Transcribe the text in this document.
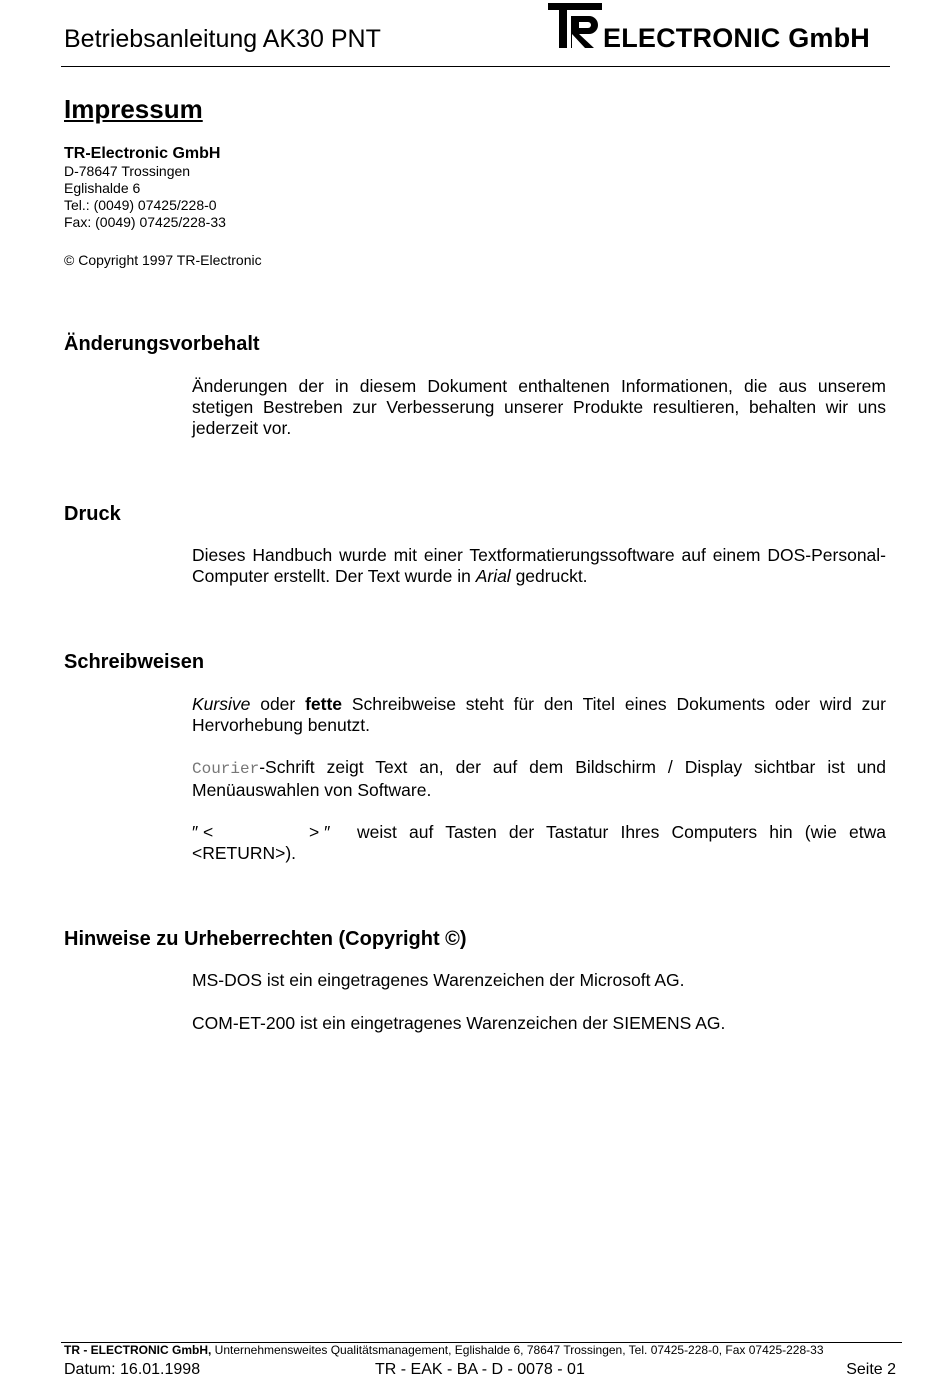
Betriebsanleitung AK30 PNT	ELECTRONIC GmbH
Impressum
TR-Electronic GmbH
D-78647 Trossingen
Eglishalde 6
Tel.: (0049) 07425/228-0
Fax: (0049) 07425/228-33
© Copyright 1997 TR-Electronic
Änderungsvorbehalt
Änderungen der in diesem Dokument enthaltenen Informationen, die aus unserem stetigen Bestreben zur Verbesserung unserer Produkte resultieren, behalten wir uns jederzeit vor.
Druck
Dieses Handbuch wurde mit einer Textformatierungssoftware auf einem DOS-Personal-Computer erstellt. Der Text wurde in Arial gedruckt.
Schreibweisen
Kursive oder fette Schreibweise steht für den Titel eines Dokuments oder wird zur Hervorhebung benutzt.
Courier-Schrift zeigt Text an, der auf dem Bildschirm / Display sichtbar ist und Menüauswahlen von Software.
″ <	> ″ weist auf Tasten der Tastatur Ihres Computers hin (wie etwa
<RETURN>).
Hinweise zu Urheberrechten (Copyright ©)
MS-DOS ist ein eingetragenes Warenzeichen der Microsoft AG.
COM-ET-200 ist ein eingetragenes Warenzeichen der SIEMENS AG.
TR - ELECTRONIC GmbH, Unternehmensweites Qualitätsmanagement, Eglishalde 6, 78647 Trossingen, Tel. 07425-228-0, Fax 07425-228-33
Datum: 16.01.1998	TR - EAK - BA - D - 0078 - 01	Seite 2
